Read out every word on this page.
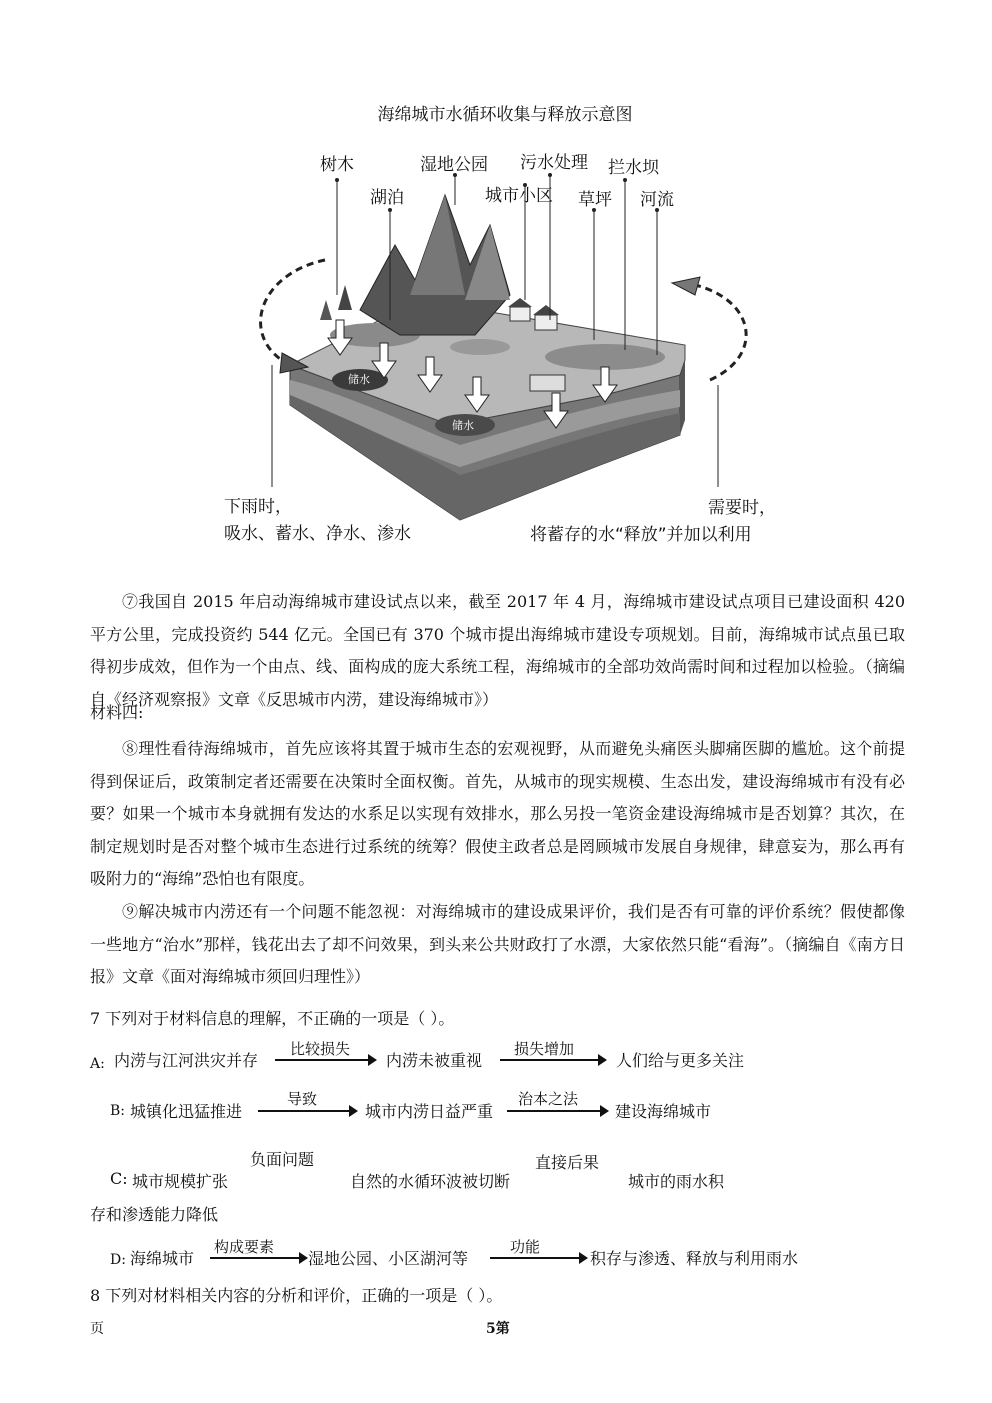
海绵城市水循环收集与释放示意图
树木
湖泊
湿地公园 污水处理
城市小区
拦水坝
草坪 河流
储水
储水
下雨时，
吸水、蓄水、净水、渗水
需要时，
将蓄存的水“释放”并加以利用
⑦我国自 2015 年启动海绵城市建设试点以来，截至 2017 年 4 月，海绵城市建设试点项目已建设面积 420 平方公里，完成投资约 544 亿元。全国已有 370 个城市提出海绵城市建设专项规划。目前，海绵城市试点虽已取得初步成效，但作为一个由点、线、面构成的庞大系统工程，海绵城市的全部功效尚需时间和过程加以检验。（摘编自《经济观察报》文章《反思城市内涝，建设海绵城市》）
材料四:
⑧理性看待海绵城市，首先应该将其置于城市生态的宏观视野，从而避免头痛医头脚痛医脚的尴尬。这个前提得到保证后，政策制定者还需要在决策时全面权衡。首先，从城市的现实规模、生态出发，建设海绵城市有没有必要？如果一个城市本身就拥有发达的水系足以实现有效排水，那么另投一笔资金建设海绵城市是否划算？其次，在制定规划时是否对整个城市生态进行过系统的统筹？假使主政者总是罔顾城市发展自身规律，肆意妄为，那么再有吸附力的“海绵”恐怕也有限度。
⑨解决城市内涝还有一个问题不能忽视：对海绵城市的建设成果评价，我们是否有可靠的评价系统？假使都像一些地方“治水”那样，钱花出去了却不问效果，到头来公共财政打了水漂，大家依然只能“看海”。（摘编自《南方日报》文章《面对海绵城市须回归理性》）
7 下列对于材料信息的理解，不正确的一项是（ ）。
A: 内涝与江河洪灾并存
比较损失
内涝未被重视
损失增加
人们给与更多关注
B: 城镇化迅猛推进
导致
城市内涝日益严重
治本之法
建设海绵城市
负面问题	直接后果
C: 城市规模扩张	自然的水循环波被切断	城市的雨水积
存和渗透能力降低
D: 海绵城市
构成要素
湿地公园、小区湖河等
功能
积存与渗透、释放与利用雨水
8 下列对材料相关内容的分析和评价，正确的一项是（ ）。
页	5第
